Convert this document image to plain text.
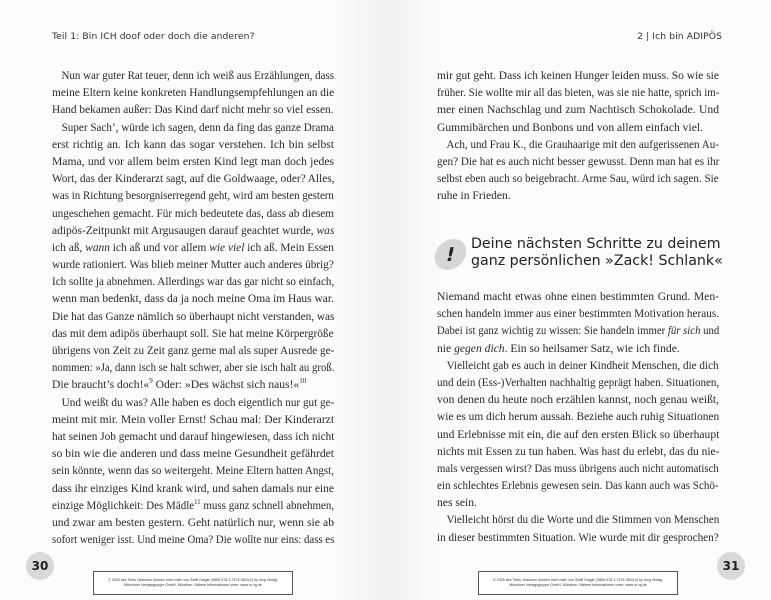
Teil 1: Bin ICH doof oder doch die anderen?
Nun war guter Rat teuer, denn ich weiß aus Erzählungen, dass
meine Eltern keine konkreten Handlungsempfehlungen an die
Hand bekamen außer: Das Kind darf nicht mehr so viel essen.
Super Sach’, würde ich sagen, denn da fing das ganze Drama
erst richtig an. Ich kann das sogar verstehen. Ich bin selbst
Mama, und vor allem beim ersten Kind legt man doch jedes
Wort, das der Kinderarzt sagt, auf die Goldwaage, oder? Alles,
was in Richtung besorgniserregend geht, wird am besten gestern
ungeschehen gemacht. Für mich bedeutete das, dass ab diesem
adipös-Zeitpunkt mit Argusaugen darauf geachtet wurde, was
ich aß, wann ich aß und vor allem wie viel ich aß. Mein Essen
wurde rationiert. Was blieb meiner Mutter auch anderes übrig?
Ich sollte ja abnehmen. Allerdings war das gar nicht so einfach,
wenn man bedenkt, dass da ja noch meine Oma im Haus war.
Die hat das Ganze nämlich so überhaupt nicht verstanden, was
das mit dem adipös überhaupt soll. Sie hat meine Körpergröße
übrigens von Zeit zu Zeit ganz gerne mal als super Ausrede ge-
nommen: »Ja, dann isch se halt schwer, aber sie isch halt au groß.
Die braucht’s doch!«$^9$ Oder: »Des wächst sich naus!«$^{10}$
Und weißt du was? Alle haben es doch eigentlich nur gut ge-
meint mit mir. Mein voller Ernst! Schau mal: Der Kinderarzt
hat seinen Job gemacht und darauf hingewiesen, dass ich nicht
so bin wie die anderen und dass meine Gesundheit gefährdet
sein könnte, wenn das so weitergeht. Meine Eltern hatten Angst,
dass ihr einziges Kind krank wird, und sahen damals nur eine
einzige Möglichkeit: Des Mädle$^{11}$ muss ganz schnell abnehmen,
und zwar am besten gestern. Geht natürlich nur, wenn sie ab
sofort weniger isst. Und meine Oma? Die wollte nur eins: dass es
30
© 2025 des Titels »Kalorien können mich mal« von Steffi Gaigle (ISBN 978-3-7474-0634-2) by mvg Verlag,
Münchner Verlagsgruppe GmbH, München. Nähere Informationen unter: www.m-vg.de
2 | Ich bin ADIPÖS
mir gut geht. Dass ich keinen Hunger leiden muss. So wie sie
früher. Sie wollte mir all das bieten, was sie nie hatte, sprich im-
mer einen Nachschlag und zum Nachtisch Schokolade. Und
Gummibärchen und Bonbons und von allem einfach viel.
Ach, und Frau K., die Grauhaarige mit den aufgerissenen Au-
gen? Die hat es auch nicht besser gewusst. Denn man hat es ihr
selbst eben auch so beigebracht. Arme Sau, würd ich sagen. Sie
ruhe in Frieden.
! Deine nächsten Schritte zu deinem
ganz persönlichen »Zack! Schlank«
Niemand macht etwas ohne einen bestimmten Grund. Men-
schen handeln immer aus einer bestimmten Motivation heraus.
Dabei ist ganz wichtig zu wissen: Sie handeln immer für sich und
nie gegen dich. Ein so heilsamer Satz, wie ich finde.
Vielleicht gab es auch in deiner Kindheit Menschen, die dich
und dein (Ess-)Verhalten nachhaltig geprägt haben. Situationen,
von denen du heute noch erzählen kannst, noch genau weißt,
wie es um dich herum aussah. Beziehe auch ruhig Situationen
und Erlebnisse mit ein, die auf den ersten Blick so überhaupt
nichts mit Essen zu tun haben. Was hast du erlebt, das du nie-
mals vergessen wirst? Das muss übrigens auch nicht automatisch
ein schlechtes Erlebnis gewesen sein. Das kann auch was Schö-
nes sein.
Vielleicht hörst du die Worte und die Stimmen von Menschen
in dieser bestimmten Situation. Wie wurde mit dir gesprochen?
31
© 2025 des Titels »Kalorien können mich mal« von Steffi Gaigle (ISBN 978-3-7474-0634-2) by mvg Verlag,
Münchner Verlagsgruppe GmbH, München. Nähere Informationen unter: www.m-vg.de
